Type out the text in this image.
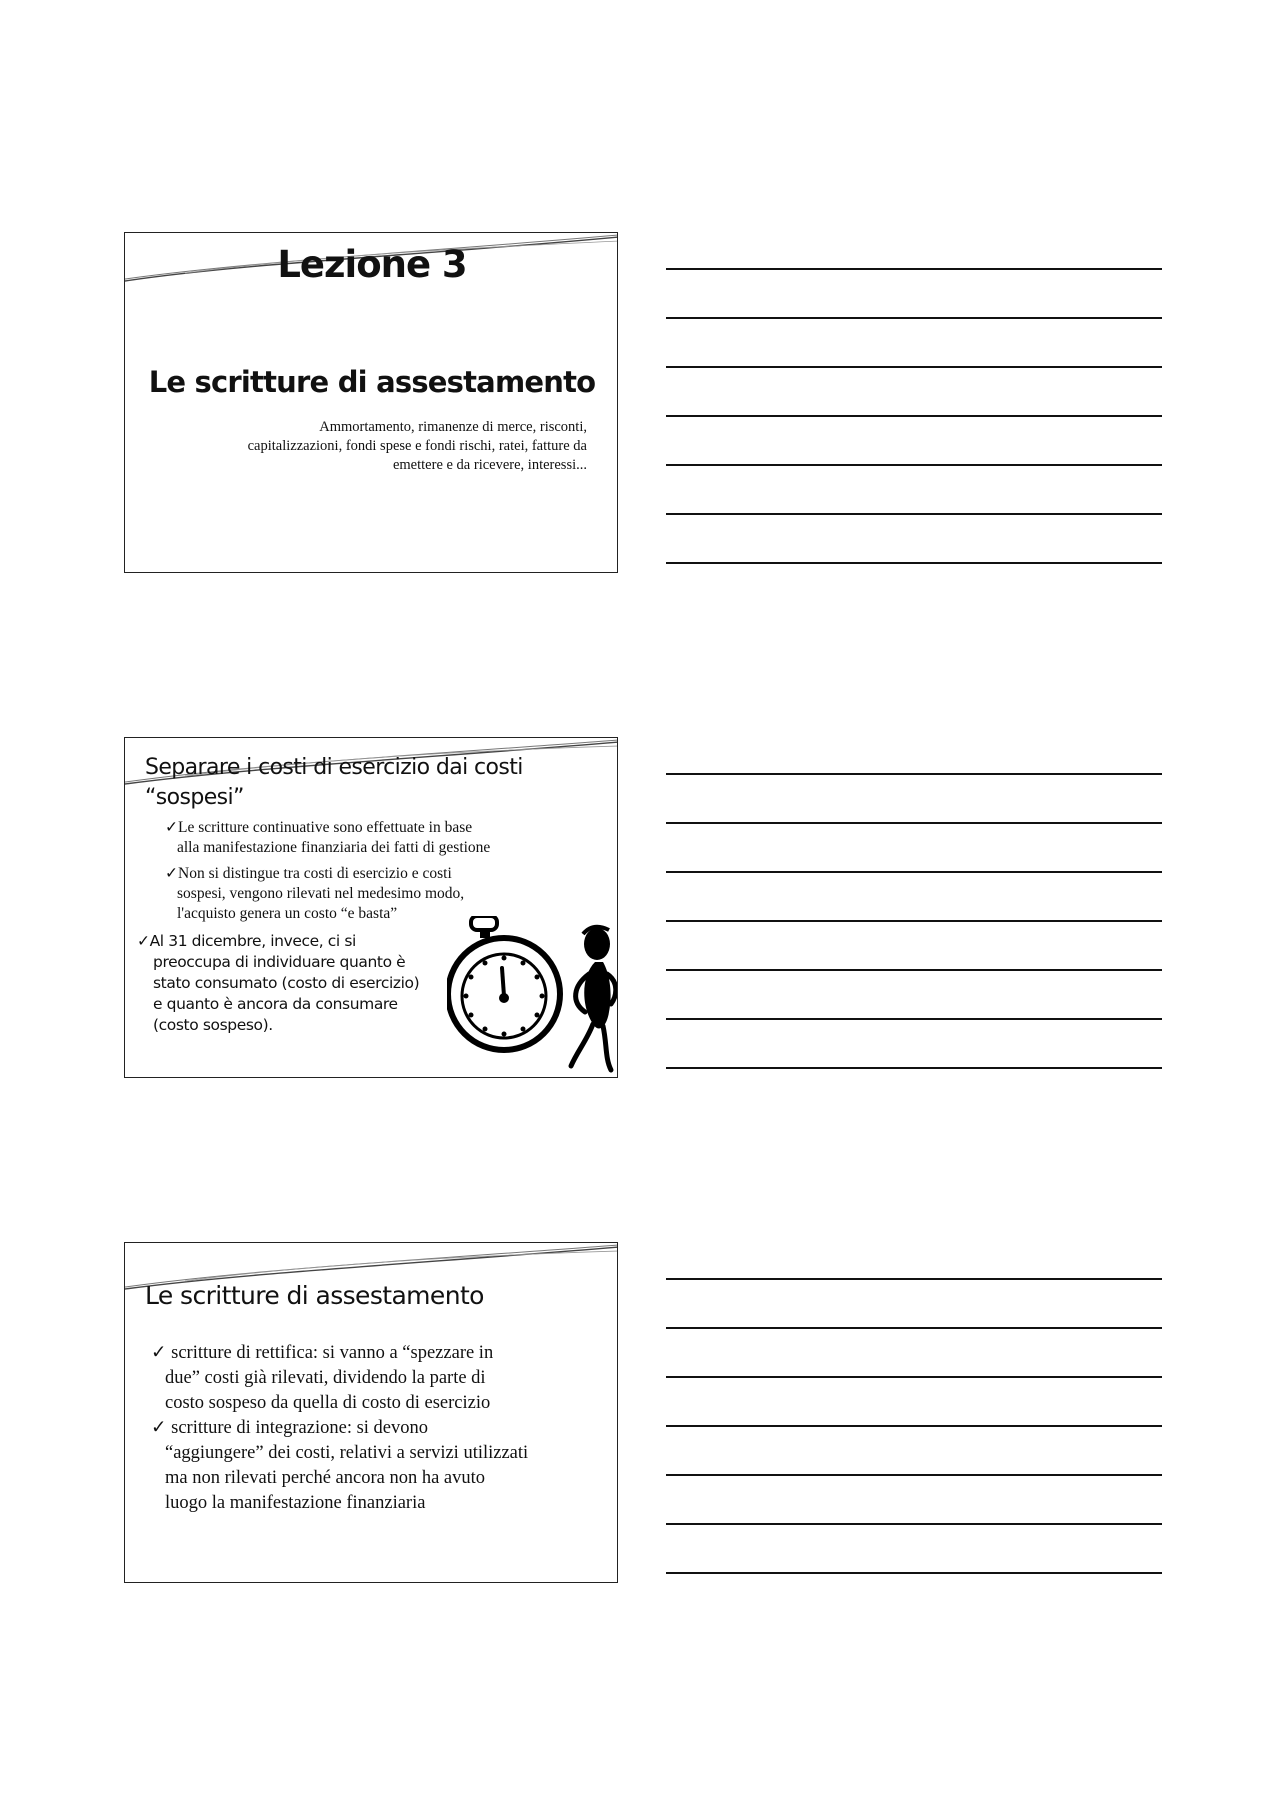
Lezione 3
Le scritture di assestamento
Ammortamento, rimanenze di merce, risconti,
capitalizzazioni, fondi spese e fondi rischi, ratei, fatture da
emettere e da ricevere, interessi...
Separare i costi di esercizio dai costi
“sospesi”
✓Le scritture continuative sono effettuate in base
alla manifestazione finanziaria dei fatti di gestione
✓Non si distingue tra costi di esercizio e costi
sospesi, vengono rilevati nel medesimo modo,
l'acquisto genera un costo “e basta”
✓Al 31 dicembre, invece, ci si
preoccupa di individuare quanto è
stato consumato (costo di esercizio)
e quanto è ancora da consumare
(costo sospeso).
Le scritture di assestamento
✓ scritture di rettifica: si vanno a “spezzare in
due” costi già rilevati, dividendo la parte di
costo sospeso da quella di costo di esercizio
✓ scritture di integrazione: si devono
“aggiungere” dei costi, relativi a servizi utilizzati
ma non rilevati perché ancora non ha avuto
luogo la manifestazione finanziaria
